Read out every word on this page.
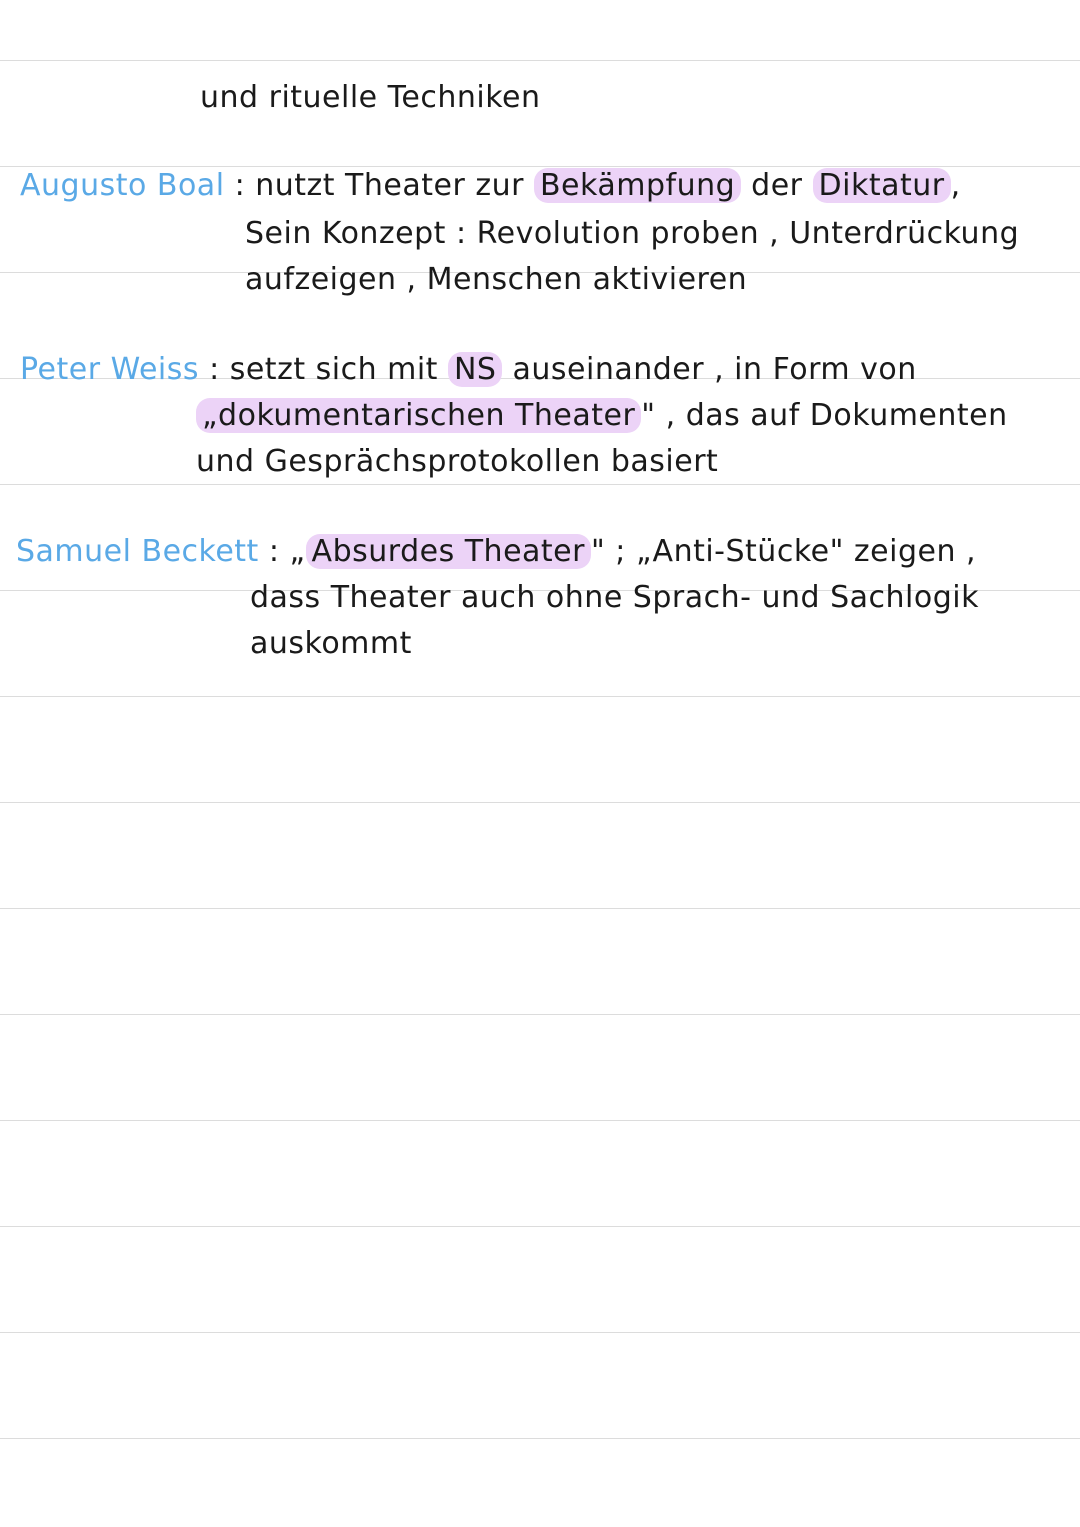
und rituelle Techniken
Augusto Boal : nutzt Theater zur Bekämpfung der Diktatur ,
Sein Konzept : Revolution proben , Unterdrückung
aufzeigen , Menschen aktivieren
Peter Weiss : setzt sich mit NS auseinander , in Form von
„dokumentarischen Theater " , das auf Dokumenten
und Gesprächsprotokollen basiert
Samuel Beckett : „ Absurdes Theater " ; „Anti-Stücke" zeigen ,
dass Theater auch ohne Sprach- und Sachlogik
auskommt
